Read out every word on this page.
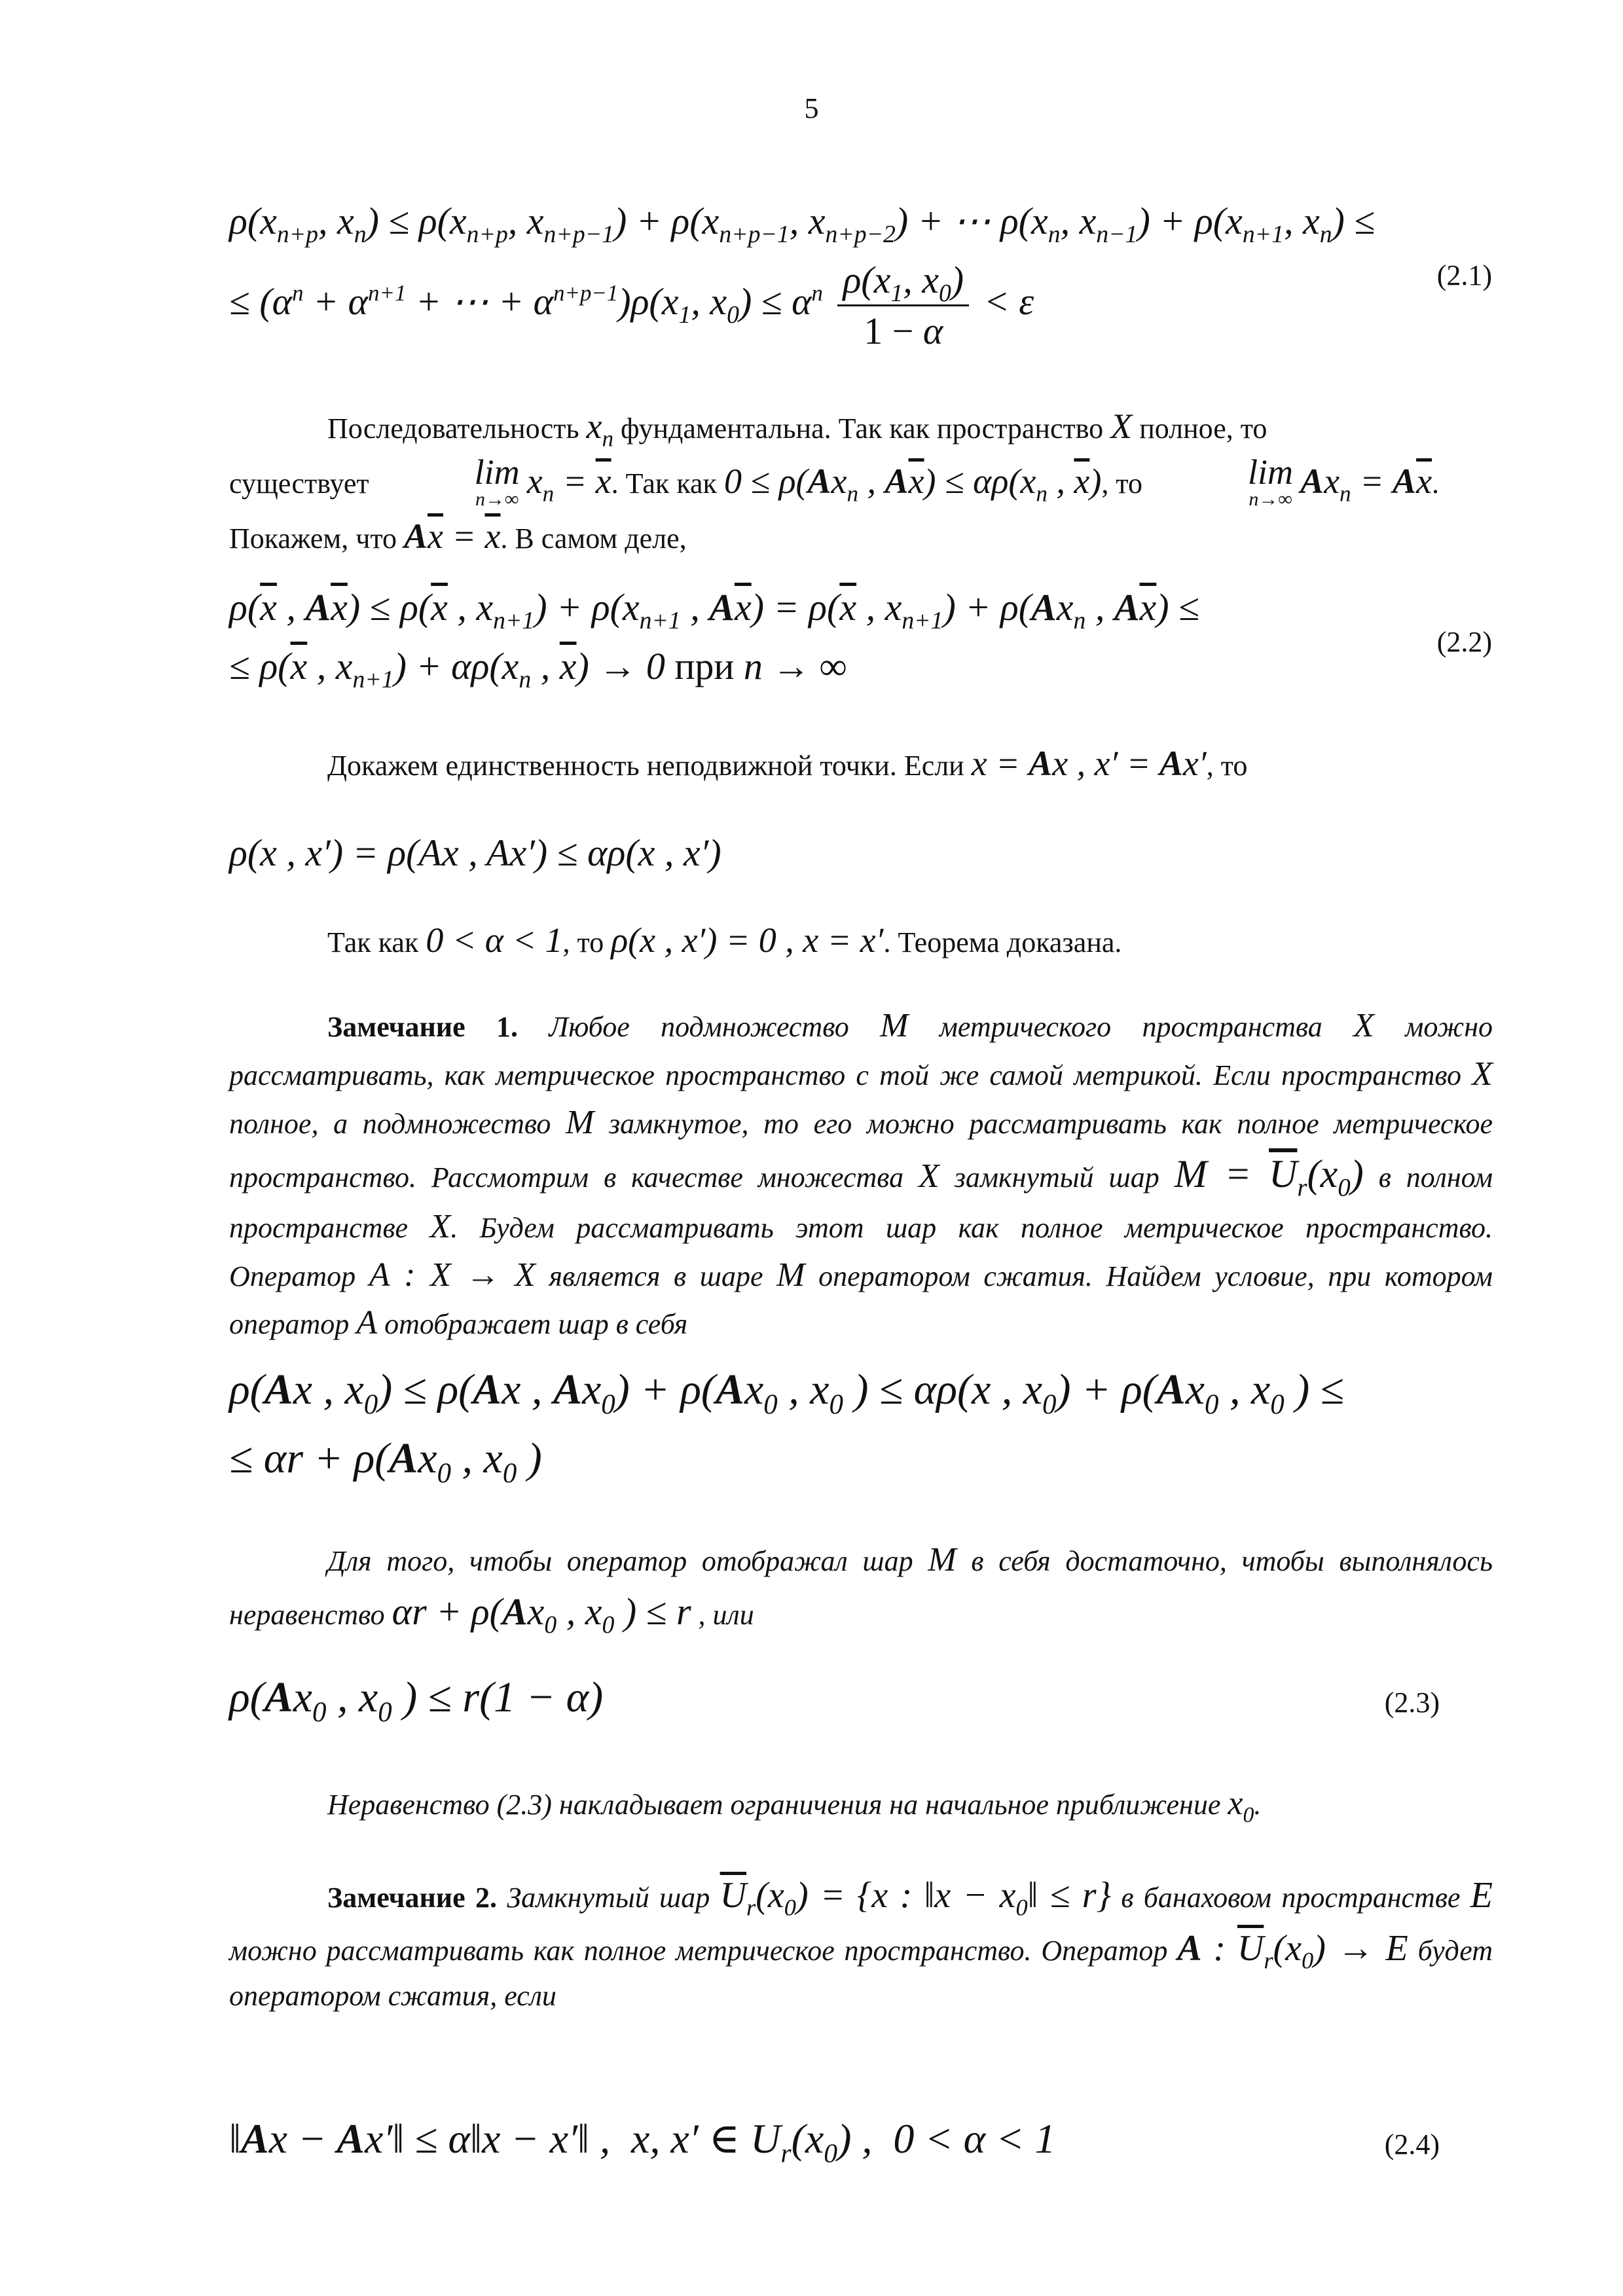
5
$\rho(x_{n+p}$, $x_n) \le \rho(x_{n+p}$, $x_{n+p-1}) + \rho(x_{n+p-1}$, $x_{n+p-2}$) + ⋯ $\rho(x_n$, $x_{n-1}) + \rho(x_{n+1}$, $x_n$) ≤
≤ ($\alpha^n + \alpha^{n+1}$ + ⋯ + $\alpha^{n+p-1})\rho(x_1$, $x_0) \le \alpha^n \frac{\rho(x_1, x_0)}{1 - \alpha} < \varepsilon$
(2.1)
Последовательность $x_n$ фундаментальна. Так как пространство X полное, то
существует	lim
n→∞ $x_n = \overline{x}$. Так как $0 \le \rho(Ax_n$ , $A\overline{x}) \le \alpha\rho(x_n$ , $\overline{x}$), то	lim
n→∞ $Ax_n = A\overline{x}$.
Покажем, что $A\overline{x} = \overline{x}$. В самом деле,
$\rho(\overline{x}$ , $A\overline{x}) \le \rho(\overline{x}$ , $x_{n+1}) + \rho(x_{n+1}$ , $A\overline{x}) = \rho(\overline{x}$ , $x_{n+1}) + \rho(Ax_n$ , $A\overline{x}$) ≤
≤ $\rho(\overline{x}$ , $x_{n+1}) + \alpha\rho(x_n$ , $\overline{x}) \to 0$ при n → ∞
(2.2)
Докажем единственность неподвижной точки. Если x = Ax , x′ = Ax′, то
ρ(x , x′) = ρ(Ax , Ax′) ≤ αρ(x , x′)
Так как 0 < α < 1, то ρ(x , x′) = 0 , x = x′. Теорема доказана.
Замечание 1. Любое подмножество M метрического пространства X можно рассматривать, как метрическое пространство с той же самой метрикой. Если пространство X полное, а подмножество M замкнутое, то его можно рассматривать как полное метрическое пространство. Рассмотрим в качестве множества X замкнутый шар $M = \overline{U}_r(x_0)$ в полном пространстве X. Будем рассматривать этот шар как полное метрическое пространство. Оператор A : X → X является в шаре M оператором сжатия. Найдем условие, при котором оператор A отображает шар в себя
ρ(Ax , $x_0) \le \rho(Ax$ , $Ax_0) + \rho(Ax_0$ , $x_0$ ) ≤ αρ(x , $x_0) + \rho(Ax_0$ , $x_0$ ) ≤
≤ $\alpha r + \rho(Ax_0$ , $x_0$ )
Для того, чтобы оператор отображал шар M в себя достаточно, чтобы выполнялось неравенство $\alpha r + \rho(Ax_0$ , $x_0$ ) ≤ r , или
$\rho(Ax_0$ , $x_0$ ) ≤ r(1 − α)	(2.3)
Неравенство (2.3) накладывает ограничения на начальное приближение $x_0$.
Замечание 2. Замкнутый шар $\overline{U}_r(x_0) = \{x$ : ‖x − $x_0‖ \le r$} в банаховом пространстве E можно рассматривать как полное метрическое пространство. Оператор A : $\overline{U}_r(x_0) \to E$ будет оператором сжатия, если
‖Ax − Ax′‖ ≤ α‖x − x′‖ ,  x, x′ ∈ $U_r(x_0)$ ,  0 < α < 1	(2.4)
